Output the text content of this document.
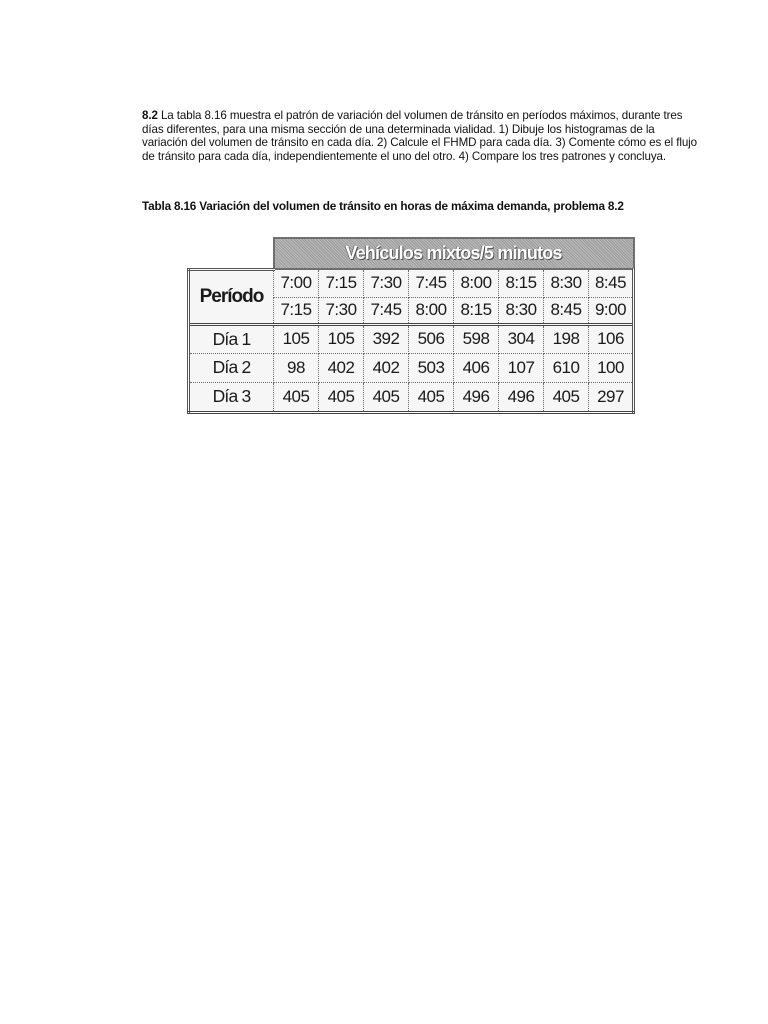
8.2 La tabla 8.16 muestra el patrón de variación del volumen de tránsito en períodos máximos, durante tres días diferentes, para una misma sección de una determinada vialidad. 1) Dibuje los histogramas de la variación del volumen de tránsito en cada día. 2) Calcule el FHMD para cada día. 3) Comente cómo es el flujo de tránsito para cada día, independientemente el uno del otro. 4) Compare los tres patrones y concluya.
Tabla 8.16 Variación del volumen de tránsito en horas de máxima demanda, problema 8.2
	Vehículos mixtos/5 minutos							
Período	7:00	7:15	7:30	7:45	8:00	8:15	8:30	8:45
	7:15	7:30	7:45	8:00	8:15	8:30	8:45	9:00
Día 1	105	105	392	506	598	304	198	106
Día 2	98	402	402	503	406	107	610	100
Día 3	405	405	405	405	496	496	405	297
